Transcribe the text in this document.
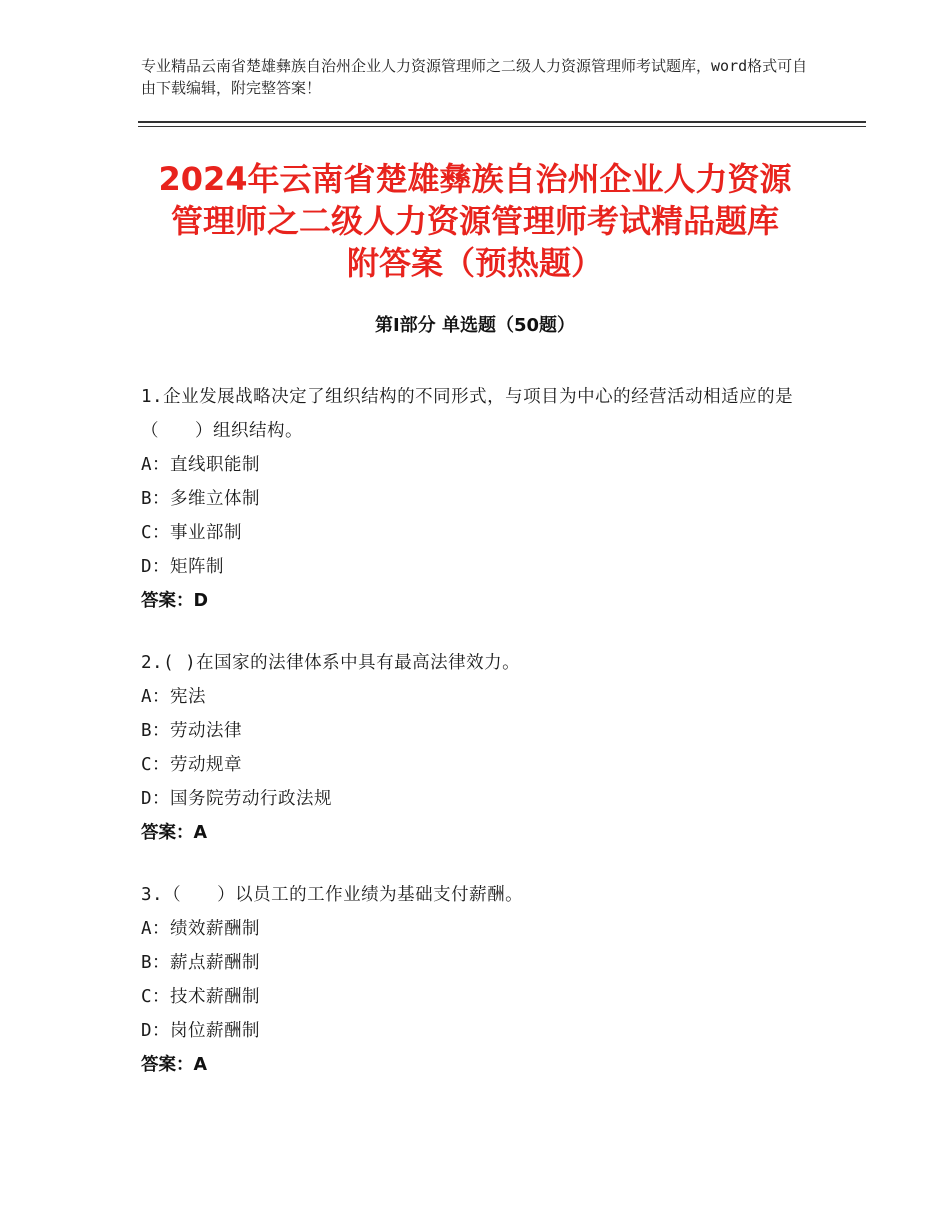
专业精品云南省楚雄彝族自治州企业人力资源管理师之二级人力资源管理师考试题库，word格式可自由下载编辑，附完整答案！
2024年云南省楚雄彝族自治州企业人力资源
管理师之二级人力资源管理师考试精品题库
附答案（预热题）
第Ⅰ部分 单选题（50题）
1.企业发展战略决定了组织结构的不同形式，与项目为中心的经营活动相适应的是（　　）组织结构。
A：直线职能制
B：多维立体制
C：事业部制
D：矩阵制
答案：D
2.( )在国家的法律体系中具有最高法律效力。
A：宪法
B：劳动法律
C：劳动规章
D：国务院劳动行政法规
答案：A
3.（　　）以员工的工作业绩为基础支付薪酬。
A：绩效薪酬制
B：薪点薪酬制
C：技术薪酬制
D：岗位薪酬制
答案：A
